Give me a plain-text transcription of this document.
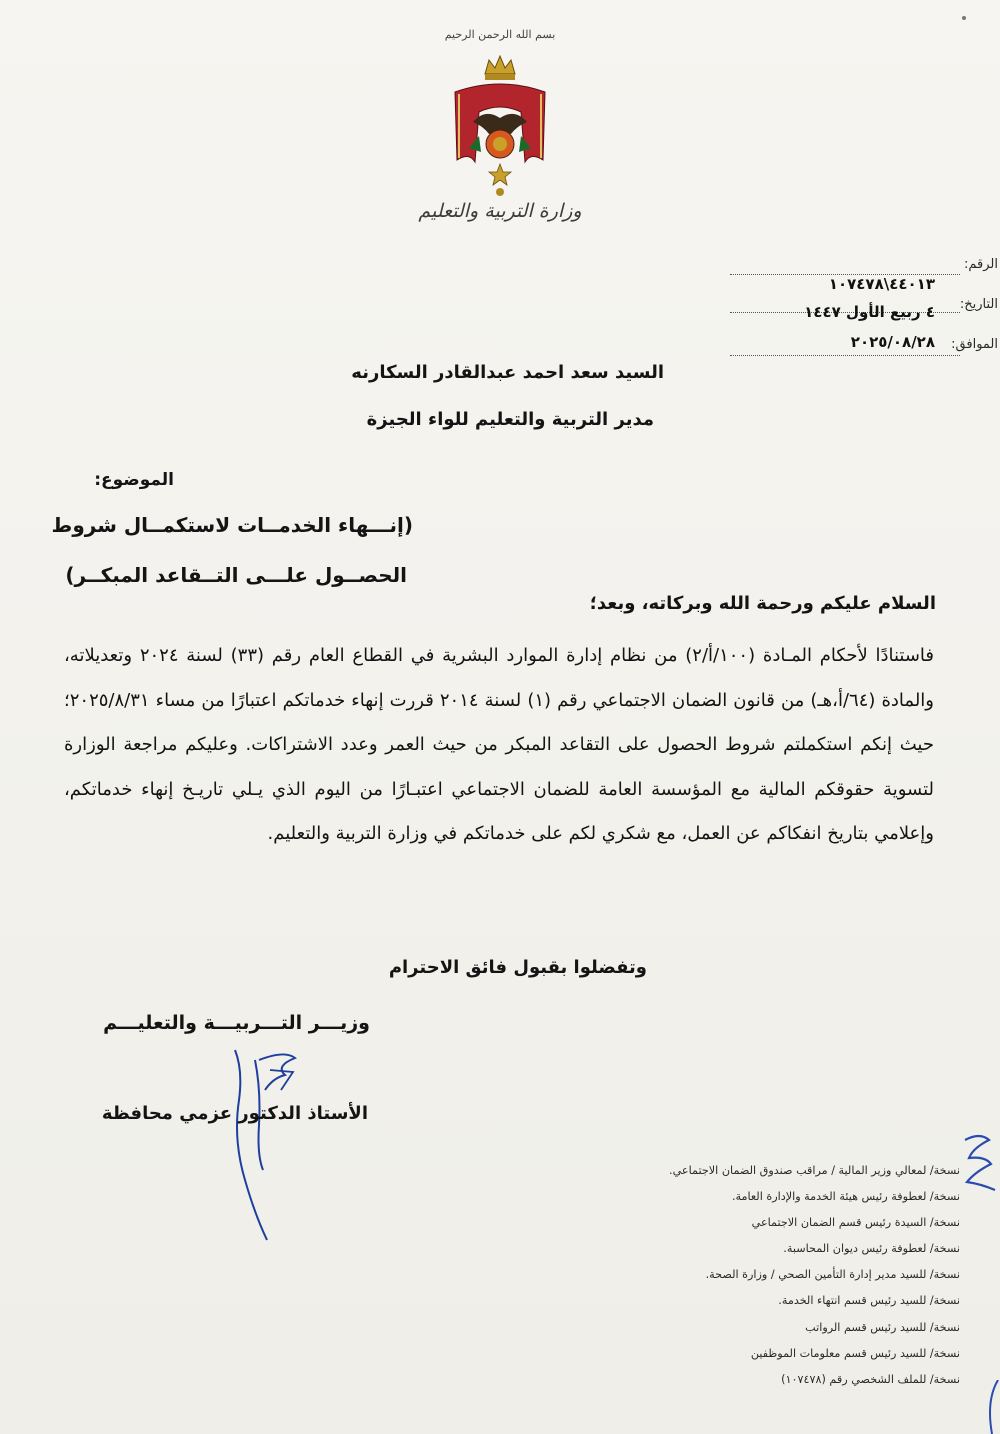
بسم الله الرحمن الرحيم
وزارة التربية والتعليم
الرقم:
٤٤٠١٣\١٠٧٤٧٨
التاريخ:
٤ ربيع الأول ١٤٤٧
الموافق:
٢٠٢٥/٠٨/٢٨
السيد سعد احمد عبدالقادر السكارنه
مدير التربية والتعليم للواء الجيزة
الموضوع:
(إنـــهاء الخدمــات لاستكمــال شروط
الحصــول علـــى التــقاعد المبكــر)
السلام عليكم ورحمة الله وبركاته، وبعد؛
فاستنادًا لأحكام المـادة (١٠٠/أ/٢) من نظام إدارة الموارد البشرية في القطاع العام رقم (٣٣) لسنة ٢٠٢٤ وتعديلاته، والمادة (٦٤/أ،هـ) من قانون الضمان الاجتماعي رقم (١) لسنة ٢٠١٤ قررت إنهاء خدماتكم اعتبارًا من مساء ٢٠٢٥/٨/٣١؛ حيث إنكم استكملتم شروط الحصول على التقاعد المبكر من حيث العمر وعدد الاشتراكات. وعليكم مراجعة الوزارة لتسوية حقوقكم المالية مع المؤسسة العامة للضمان الاجتماعي اعتبـارًا من اليوم الذي يـلي تاريـخ إنهاء خدماتكم، وإعلامي بتاريخ انفكاكم عن العمل، مع شكري لكم على خدماتكم في وزارة التربية والتعليم.
وتفضلوا بقبول فائق الاحترام
وزيـــر التـــربيـــة والتعليـــم
الأستاذ الدكتور عزمي محافظة
نسخة/ لمعالي وزير المالية / مراقب صندوق الضمان الاجتماعي.
نسخة/ لعطوفة رئيس هيئة الخدمة والإدارة العامة.
نسخة/ السيدة رئيس قسم الضمان الاجتماعي
نسخة/ لعطوفة رئيس ديوان المحاسبة.
نسخة/ للسيد مدير إدارة التأمين الصحي / وزارة الصحة.
نسخة/ للسيد رئيس قسم انتهاء الخدمة.
نسخة/ للسيد رئيس قسم الرواتب
نسخة/ للسيد رئيس قسم معلومات الموظفين
نسخة/ للملف الشخصي رقم (١٠٧٤٧٨)
